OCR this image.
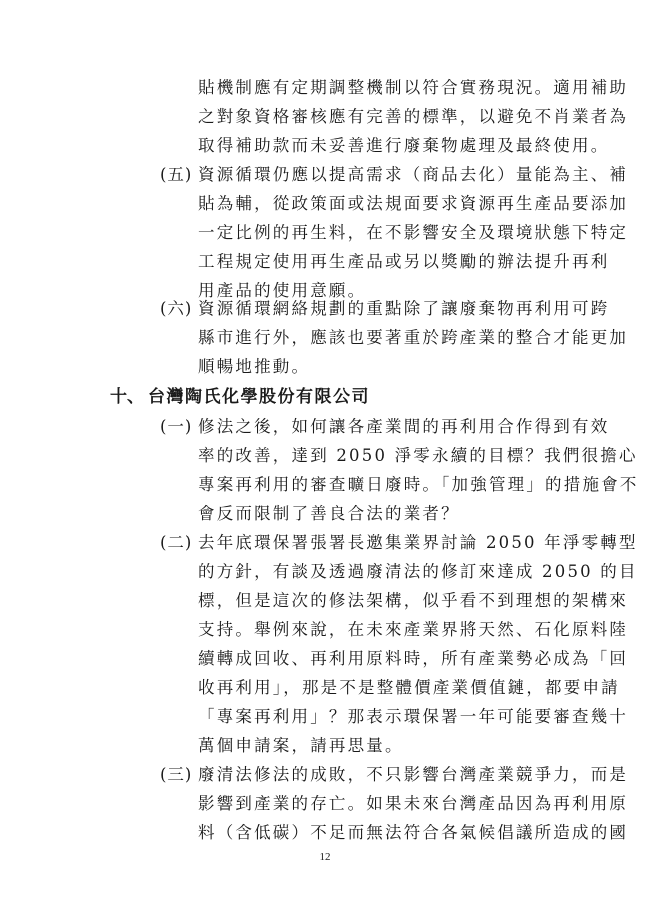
貼機制應有定期調整機制以符合實務現況。適用補助
之對象資格審核應有完善的標準，以避免不肖業者為
取得補助款而未妥善進行廢棄物處理及最終使用。
(五) 資源循環仍應以提高需求（商品去化）量能為主、補
貼為輔，從政策面或法規面要求資源再生產品要添加
一定比例的再生料，在不影響安全及環境狀態下特定
工程規定使用再生產品或另以獎勵的辦法提升再利
用產品的使用意願。
(六) 資源循環網絡規劃的重點除了讓廢棄物再利用可跨
縣市進行外，應該也要著重於跨產業的整合才能更加
順暢地推動。
十、 台灣陶氏化學股份有限公司
(一) 修法之後，如何讓各產業間的再利用合作得到有效
率的改善，達到 2050 淨零永續的目標？我們很擔心
專案再利用的審查曠日廢時。「加強管理」的措施會不
會反而限制了善良合法的業者？
(二) 去年底環保署張署長邀集業界討論 2050 年淨零轉型
的方針，有談及透過廢清法的修訂來達成 2050 的目
標，但是這次的修法架構，似乎看不到理想的架構來
支持。舉例來說，在未來產業界將天然、石化原料陸
續轉成回收、再利用原料時，所有產業勢必成為「回
收再利用」，那是不是整體價產業價值鏈，都要申請
「專案再利用」？那表示環保署一年可能要審查幾十
萬個申請案，請再思量。
(三) 廢清法修法的成敗，不只影響台灣產業競爭力，而是
影響到產業的存亡。如果未來台灣產品因為再利用原
料（含低碳）不足而無法符合各氣候倡議所造成的國
12
